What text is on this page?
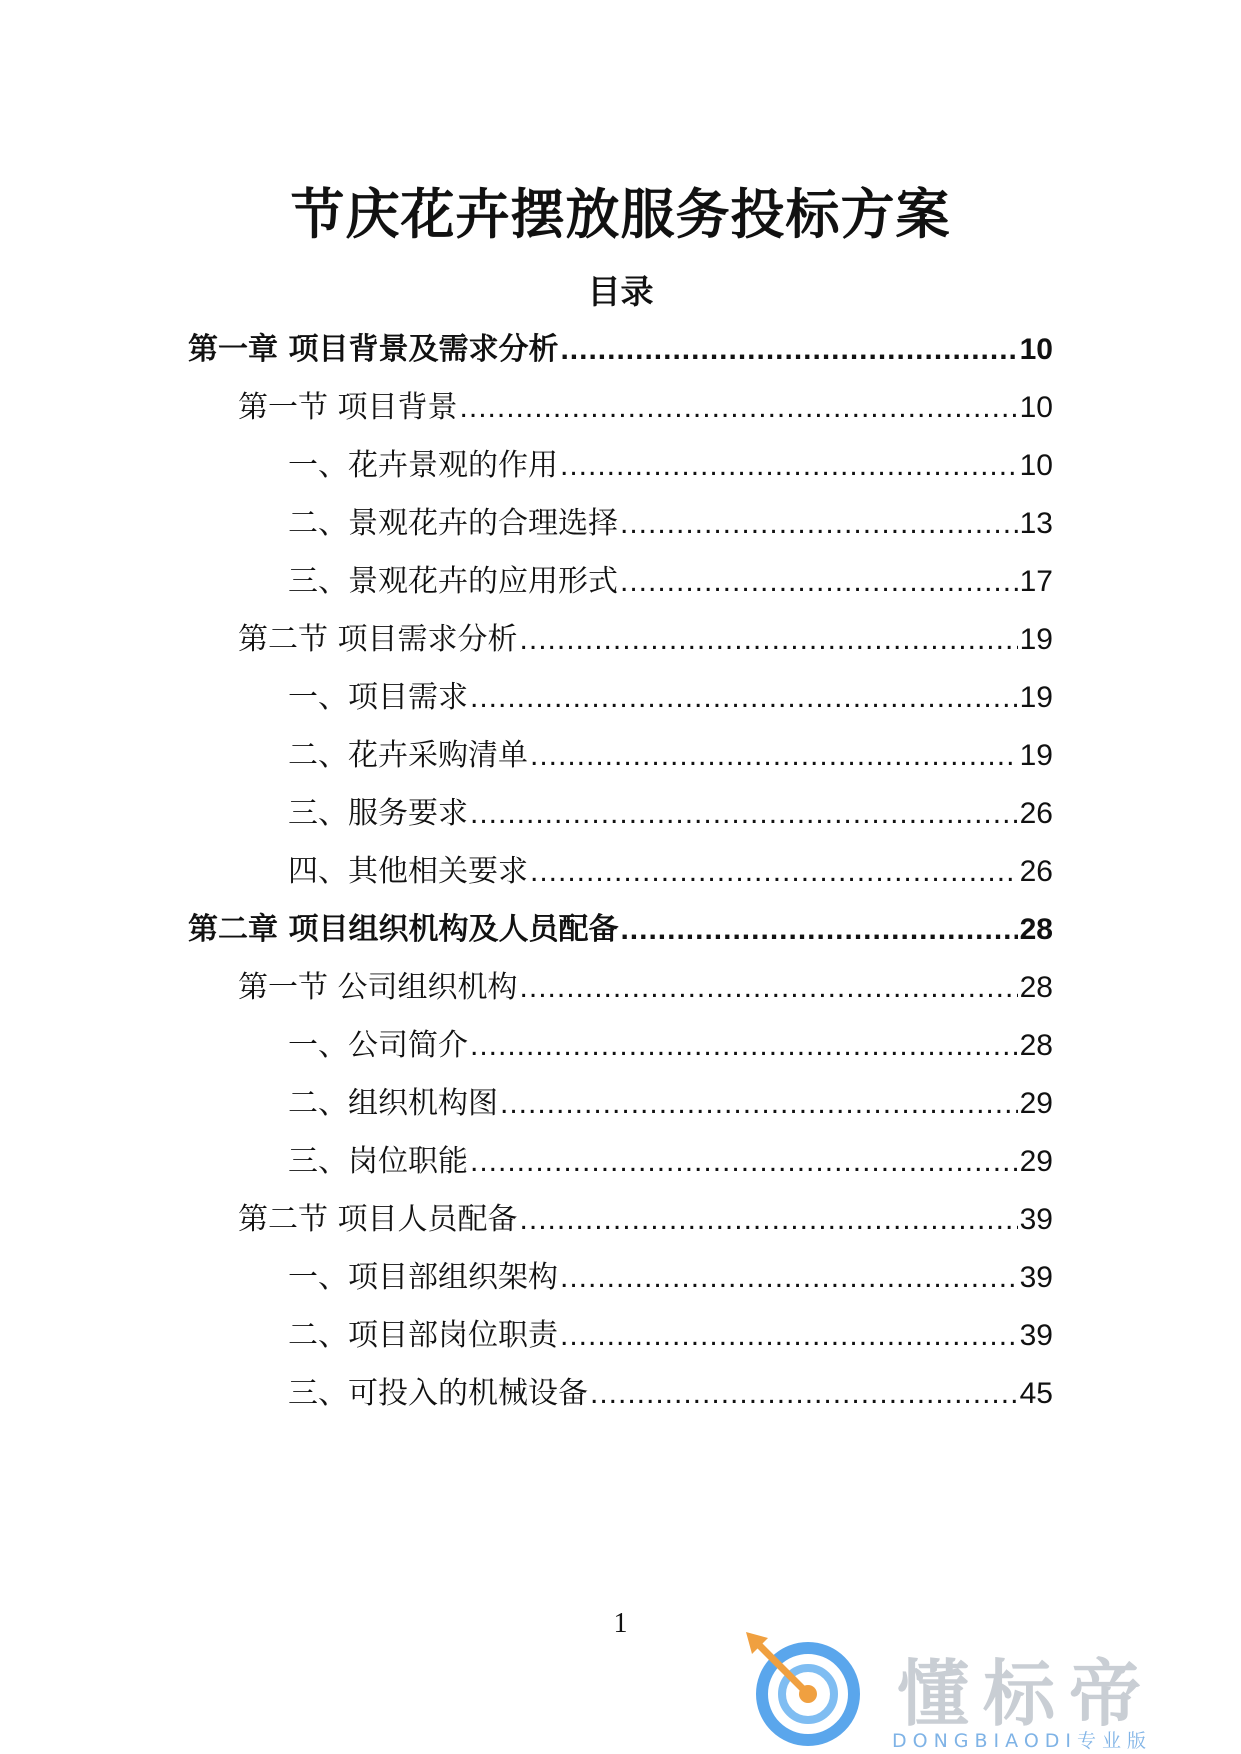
节庆花卉摆放服务投标方案
目录
第一章 项目背景及需求分析 .....	10
第一节 项目背景 .....	10
一、花卉景观的作用 .....	10
二、景观花卉的合理选择 .....	13
三、景观花卉的应用形式 .....	17
第二节 项目需求分析 .....	19
一、项目需求 .....	19
二、花卉采购清单 .....	19
三、服务要求 .....	26
四、其他相关要求 .....	26
第二章 项目组织机构及人员配备 .....	28
第一节 公司组织机构 .....	28
一、公司简介 .....	28
二、组织机构图 .....	29
三、岗位职能 .....	29
第二节 项目人员配备 .....	39
一、项目部组织架构 .....	39
二、项目部岗位职责 .....	39
三、可投入的机械设备 .....	45
1
懂标帝
DONGBIAODI专业版
